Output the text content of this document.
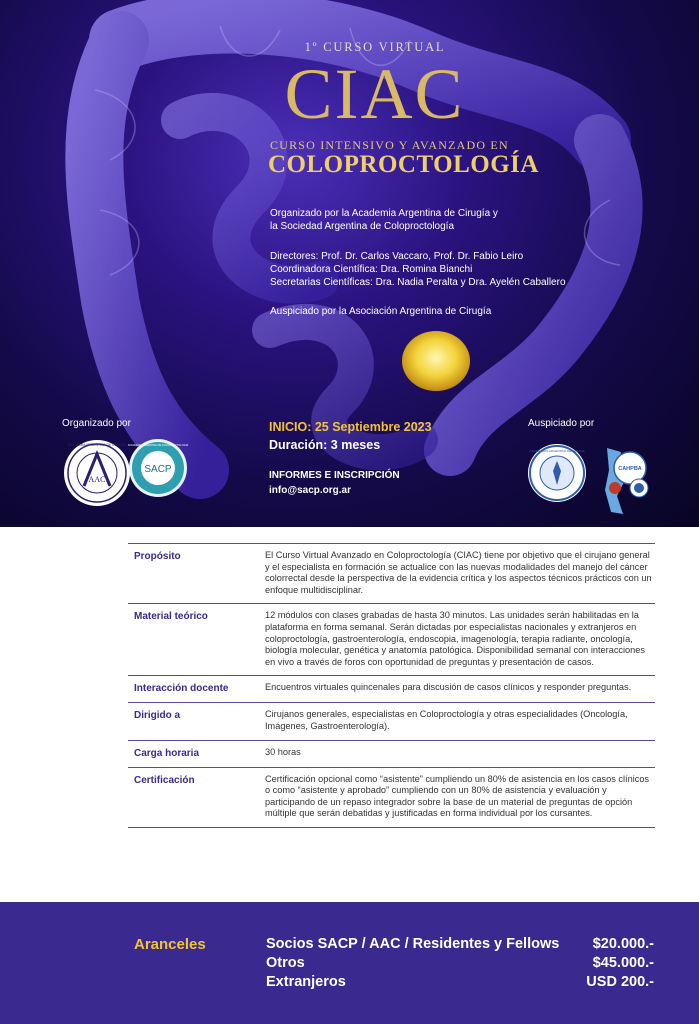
1º CURSO VIRTUAL
CIAC
CURSO INTENSIVO Y AVANZADO EN
COLOPROCTOLOGÍA
Organizado por la Academia Argentina de Cirugía y
la Sociedad Argentina de Coloproctología
Directores: Prof. Dr. Carlos Vaccaro, Prof. Dr. Fabio Leiro
Coordinadora Científica: Dra. Romina Bianchi
Secretarias Científicas: Dra. Nadia Peralta y Dra. Ayelén Caballero
Auspiciado por la Asociación Argentina de Cirugía
Organizado por	Auspiciado por
INICIO: 25 Septiembre 2023
Duración: 3 meses
INFORMES E INSCRIPCIÓN
info@sacp.org.ar
AAC
ACADEMIA ARGENTINA DE CIRUGIA
SACP
SOCIEDAD ARGENTINA DE COLOPROCTOLOGIA
ASOCIACION ARGENTINA DE CIRUGIA
CAHPBA
Propósito	El Curso Virtual Avanzado en Coloproctología (CIAC) tiene por objetivo que el cirujano general y el especialista en formación se actualice con las nuevas modalidades del manejo del cáncer colorrectal desde la perspectiva de la evidencia crítica y los aspectos técnicos prácticos con un enfoque multidisciplinar.
Material teórico	12 módulos con clases grabadas de hasta 30 minutos. Las unidades serán habilitadas en la plataforma en forma semanal. Serán dictadas por especialistas nacionales y extranjeros en coloproctología, gastroenterología, endoscopia, imagenología, terapia radiante, oncología, biología molecular, genética y anatomía patológica. Disponibilidad semanal con interacciones en vivo a través de foros con oportunidad de preguntas y presentación de casos.
Interacción docente	Encuentros virtuales quincenales para discusión de casos clínicos y responder preguntas.
Dirigido a	Cirujanos generales, especialistas en Coloproctología y otras especialidades (Oncología, Imágenes, Gastroenterología).
Carga horaria	30 horas
Certificación	Certificación opcional como “asistente” cumpliendo un 80% de asistencia en los casos clínicos o como “asistente y aprobado” cumpliendo con un 80% de asistencia y evaluación y participando de un repaso integrador sobre la base de un material de preguntas de opción múltiple que serán debatidas y justificadas en forma individual por los cursantes.
Aranceles	Socios SACP / AAC / Residentes y Fellows $20.000.-
Otros	$45.000.-
Extranjeros	USD 200.-
